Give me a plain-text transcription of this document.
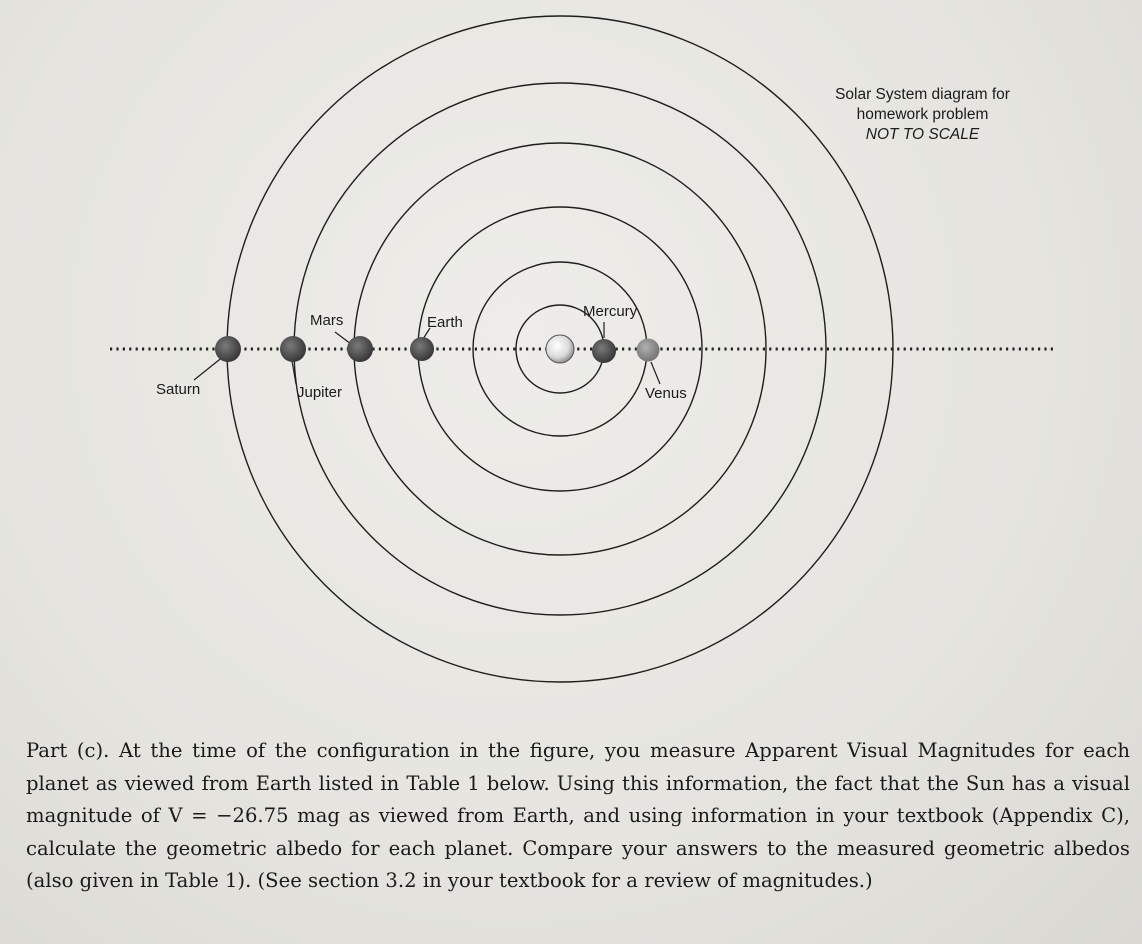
Saturn	Jupiter
Mars	Earth
Mercury
Venus
Solar System diagram for
homework problem
NOT TO SCALE

Part (c). At the time of the configuration in the figure, you measure Apparent Visual Magnitudes for each planet as viewed from Earth listed in Table 1 below. Using this information, the fact that the Sun has a visual magnitude of V = −26.75 mag as viewed from Earth, and using information in your textbook (Appendix C), calculate the geometric albedo for each planet. Compare your answers to the measured geometric albedos (also given in Table 1). (See section 3.2 in your textbook for a review of magnitudes.)
